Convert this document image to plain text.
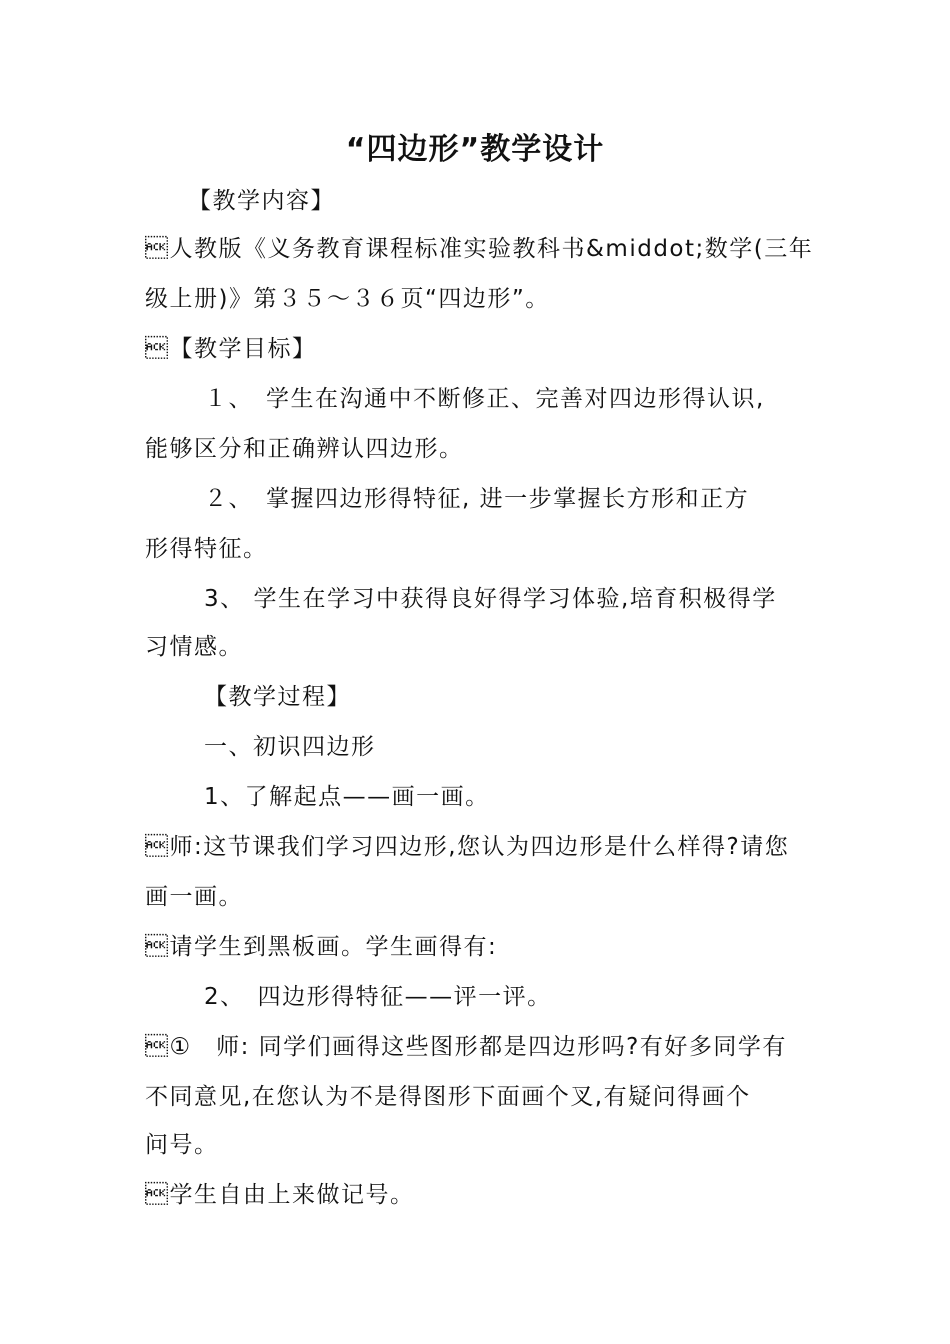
“四边形”教学设计
【教学内容】
人教版《义务教育课程标准实验教科书&middot;数学(三年
级上册)》第３５～３６页“四边形”。
【教学目标】
１、　学生在沟通中不断修正、完善对四边形得认识,
能够区分和正确辨认四边形。
２、　掌握四边形得特征, 进一步掌握长方形和正方
形得特征。
3、 学生在学习中获得良好得学习体验,培育积极得学
习情感。
【教学过程】
一、初识四边形
1、了解起点——画一画。
师:这节课我们学习四边形,您认为四边形是什么样得?请您
画一画。
请学生到黑板画。学生画得有:
2、　四边形得特征——评一评。
①　师: 同学们画得这些图形都是四边形吗?有好多同学有
不同意见,在您认为不是得图形下面画个叉,有疑问得画个
问号。
学生自由上来做记号。
